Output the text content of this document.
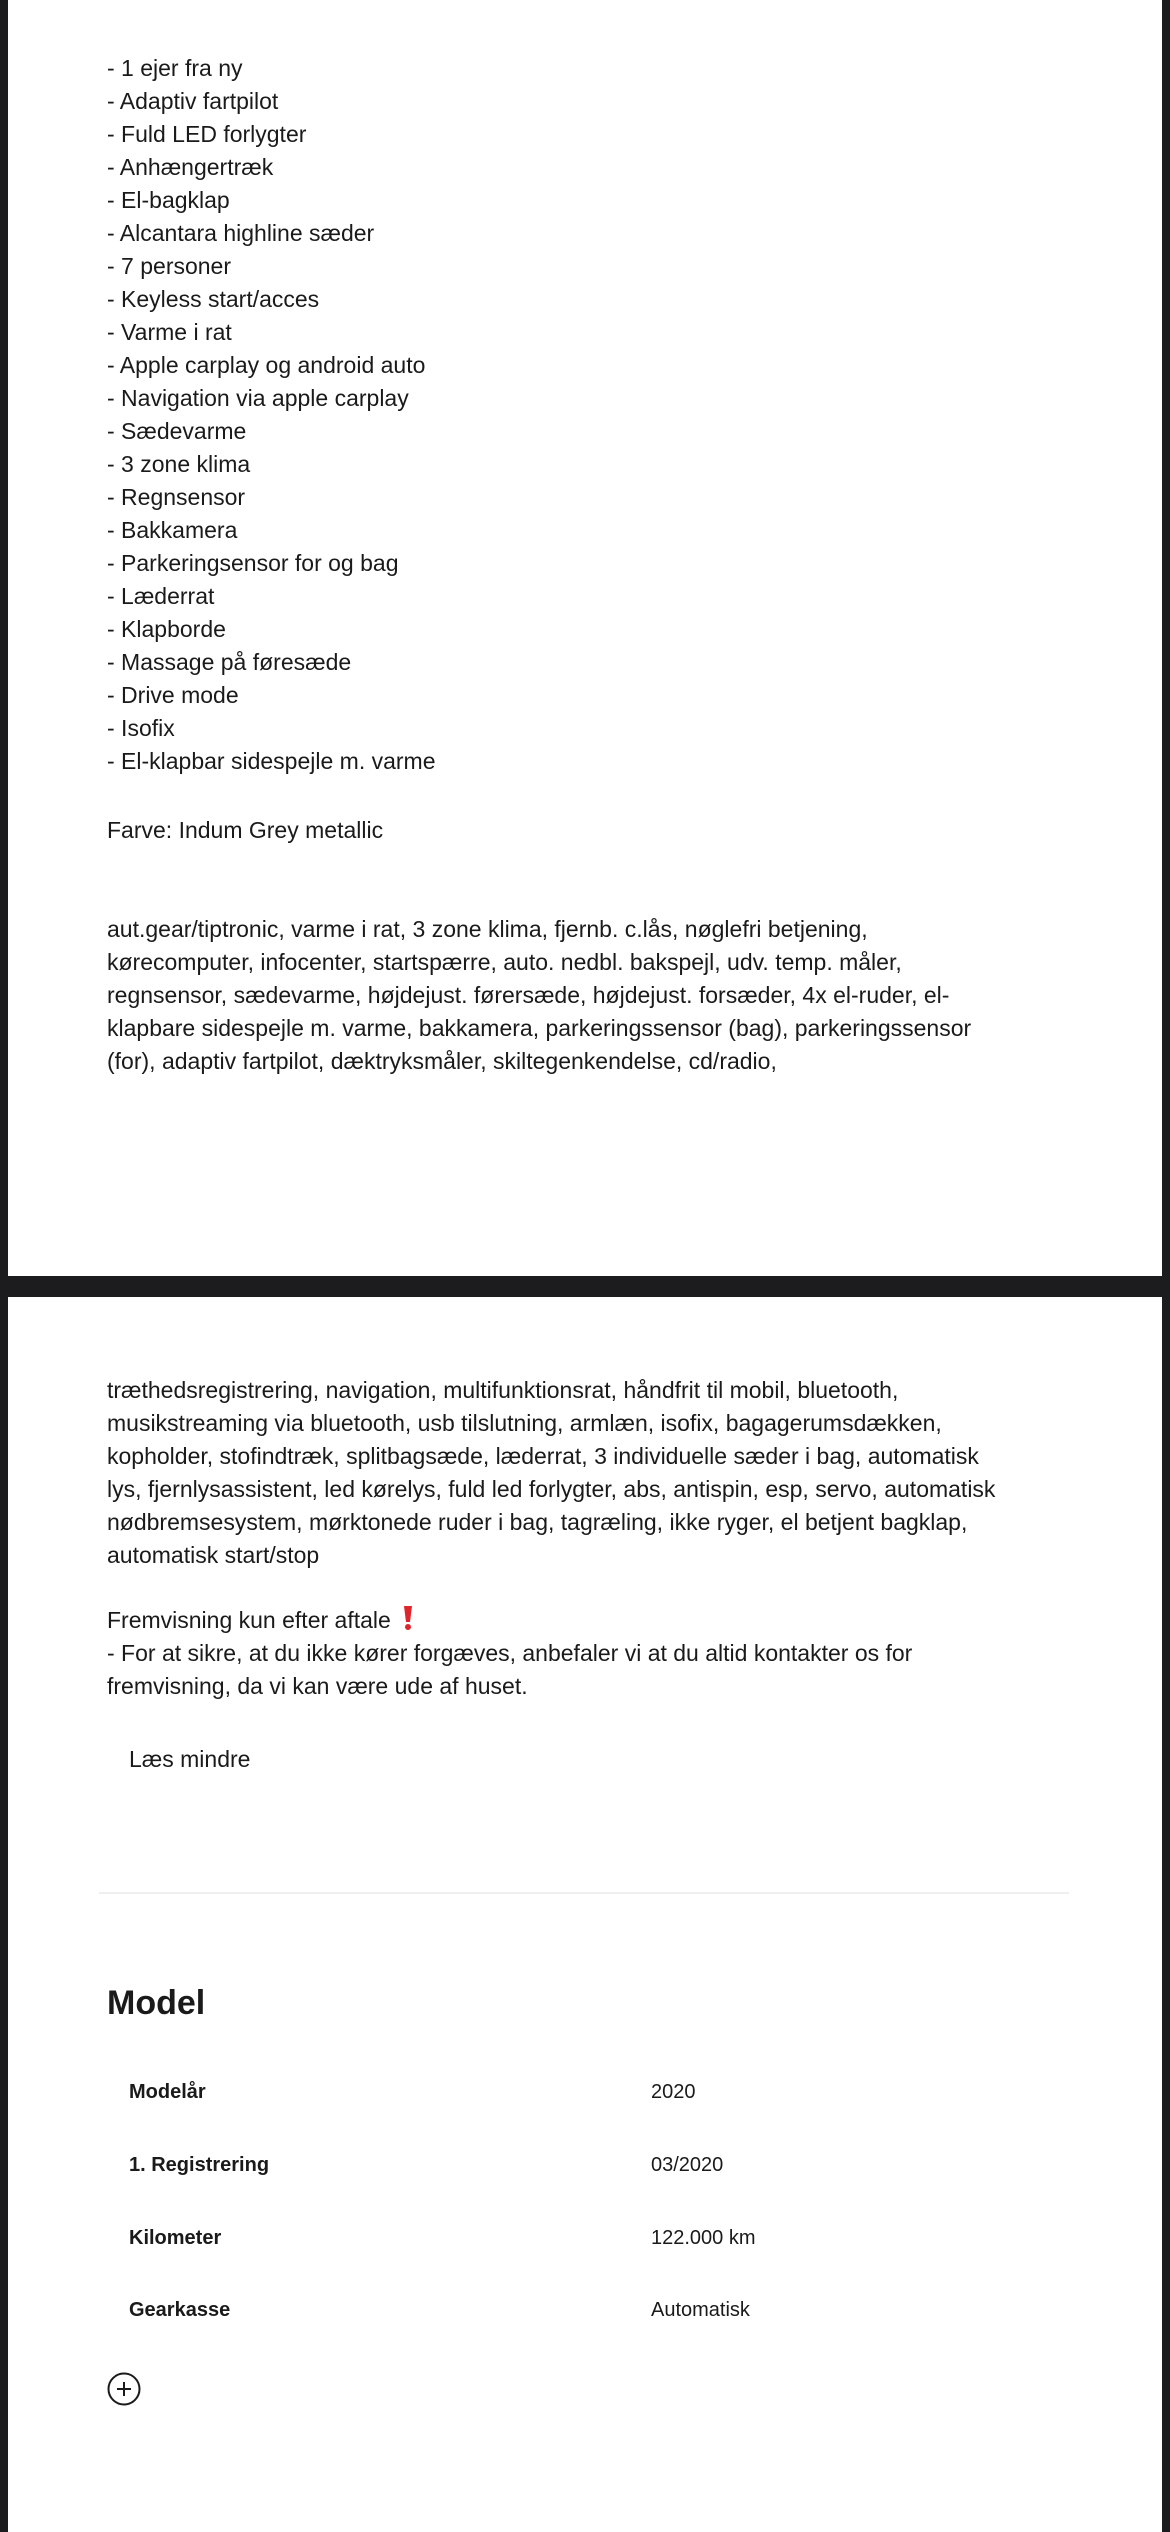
- 1 ejer fra ny
- Adaptiv fartpilot
- Fuld LED forlygter
- Anhængertræk
- El-bagklap
- Alcantara highline sæder
- 7 personer
- Keyless start/acces
- Varme i rat
- Apple carplay og android auto
- Navigation via apple carplay
- Sædevarme
- 3 zone klima
- Regnsensor
- Bakkamera
- Parkeringsensor for og bag
- Læderrat
- Klapborde
- Massage på føresæde
- Drive mode
- Isofix
- El-klapbar sidespejle m. varme
Farve: Indum Grey metallic

aut.gear/tiptronic, varme i rat, 3 zone klima, fjernb. c.lås, nøglefri betjening,
kørecomputer, infocenter, startspærre, auto. nedbl. bakspejl, udv. temp. måler,
regnsensor, sædevarme, højdejust. førersæde, højdejust. forsæder, 4x el-ruder, el-
klapbare sidespejle m. varme, bakkamera, parkeringssensor (bag), parkeringssensor
(for), adaptiv fartpilot, dæktryksmåler, skiltegenkendelse, cd/radio,

træthedsregistrering, navigation, multifunktionsrat, håndfrit til mobil, bluetooth,
musikstreaming via bluetooth, usb tilslutning, armlæn, isofix, bagagerumsdækken,
kopholder, stofindtræk, splitbagsæde, læderrat, 3 individuelle sæder i bag, automatisk
lys, fjernlysassistent, led kørelys, fuld led forlygter, abs, antispin, esp, servo, automatisk
nødbremsesystem, mørktonede ruder i bag, tagræling, ikke ryger, el betjent bagklap,
automatisk start/stop

Fremvisning kun efter aftale

- For at sikre, at du ikke kører forgæves, anbefaler vi at du altid kontakter os for
fremvisning, da vi kan være ude af huset.

Læs mindre
Model
Modelår	2020
1. Registrering	03/2020
Kilometer	122.000 km
Gearkasse	Automatisk
